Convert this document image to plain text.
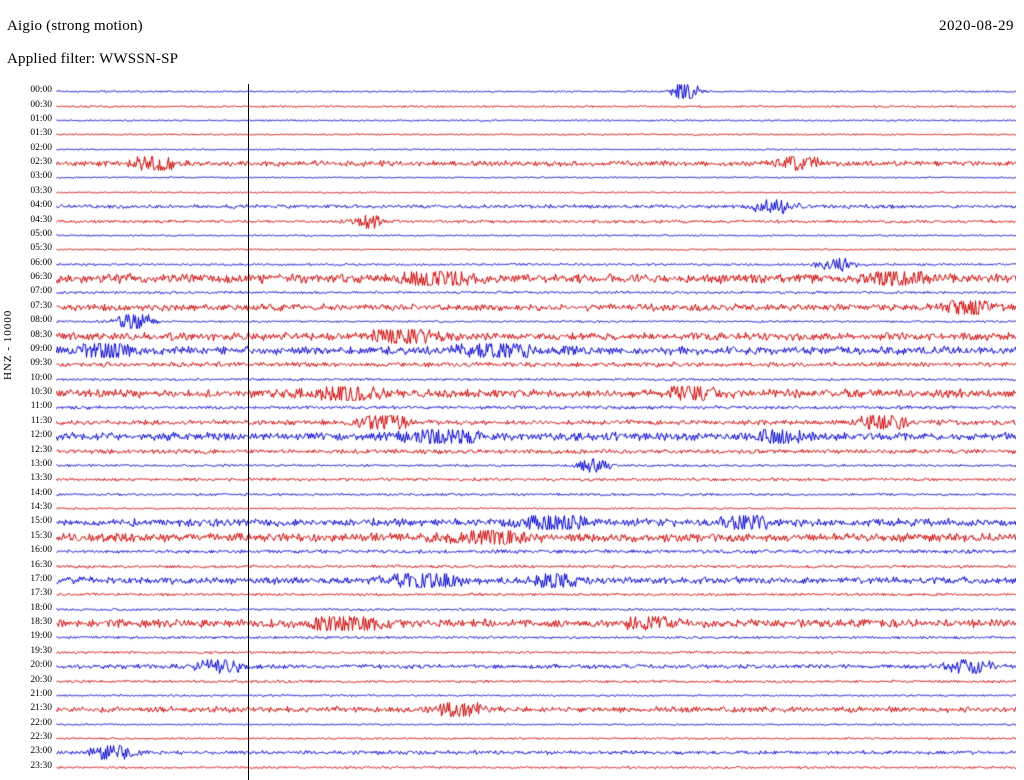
Aigio (strong motion)
Applied filter: WWSSN-SP
2020-08-29
HNZ - 10000
00:00
00:30
01:00
01:30
02:00
02:30
03:00
03:30
04:00
04:30
05:00
05:30
06:00
06:30
07:00
07:30
08:00
08:30
09:00
09:30
10:00
10:30
11:00
11:30
12:00
12:30
13:00
13:30
14:00
14:30
15:00
15:30
16:00
16:30
17:00
17:30
18:00
18:30
19:00
19:30
20:00
20:30
21:00
21:30
22:00
22:30
23:00
23:30
